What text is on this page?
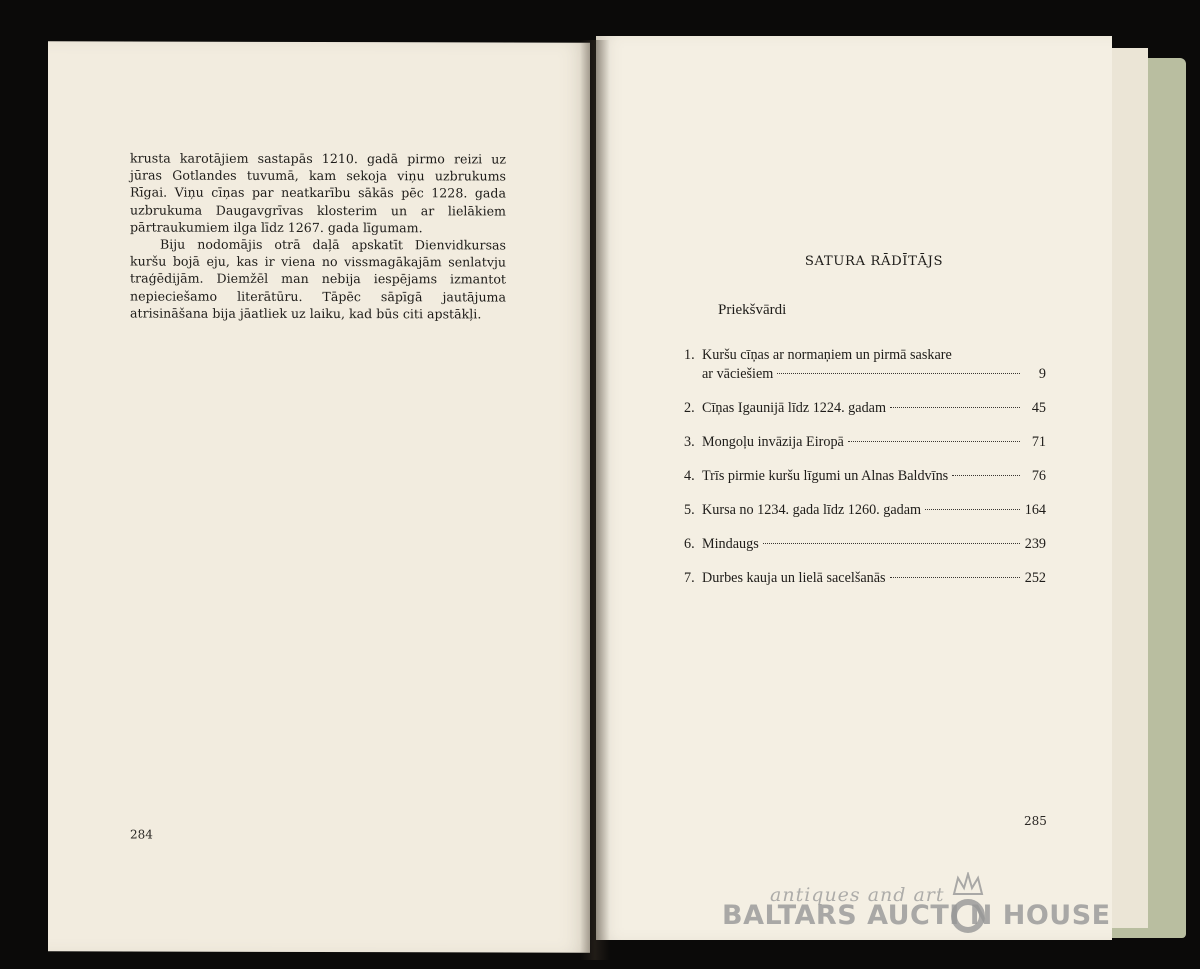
krusta karotājiem sastapās 1210. gadā pirmo reizi uz jūras Gotlandes tuvumā, kam sekoja viņu uzbrukums Rīgai. Viņu cīņas par neatkarību sākās pēc 1228. gada uzbrukuma Daugavgrīvas klosterim un ar lielākiem pārtraukumiem ilga līdz 1267. gada līgumam.

Biju nodomājis otrā daļā apskatīt Dienvidkursas kuršu bojā eju, kas ir viena no vissmagākajām senlatvju traģēdijām. Diemžēl man nebija iespējams izmantot nepieciešamo literātūru. Tāpēc sāpīgā jautājuma atrisināšana bija jāatliek uz laiku, kad būs citi apstākļi.

284
SATURA RĀDĪTĀJS
Priekšvārdi
1. Kuršu cīņas ar normaņiem un pirmā saskare
ar vāciešiem	9
2. Cīņas Igaunijā līdz 1224. gadam	45
3. Mongoļu invāzija Eiropā	71
4. Trīs pirmie kuršu līgumi un Alnas Baldvīns	76
5. Kursa no 1234. gada līdz 1260. gadam	164
6. Mindaugs	239
7. Durbes kauja un lielā sacelšanās	252
285
antiques and art
BALTARS AUCTI N HOUSE
